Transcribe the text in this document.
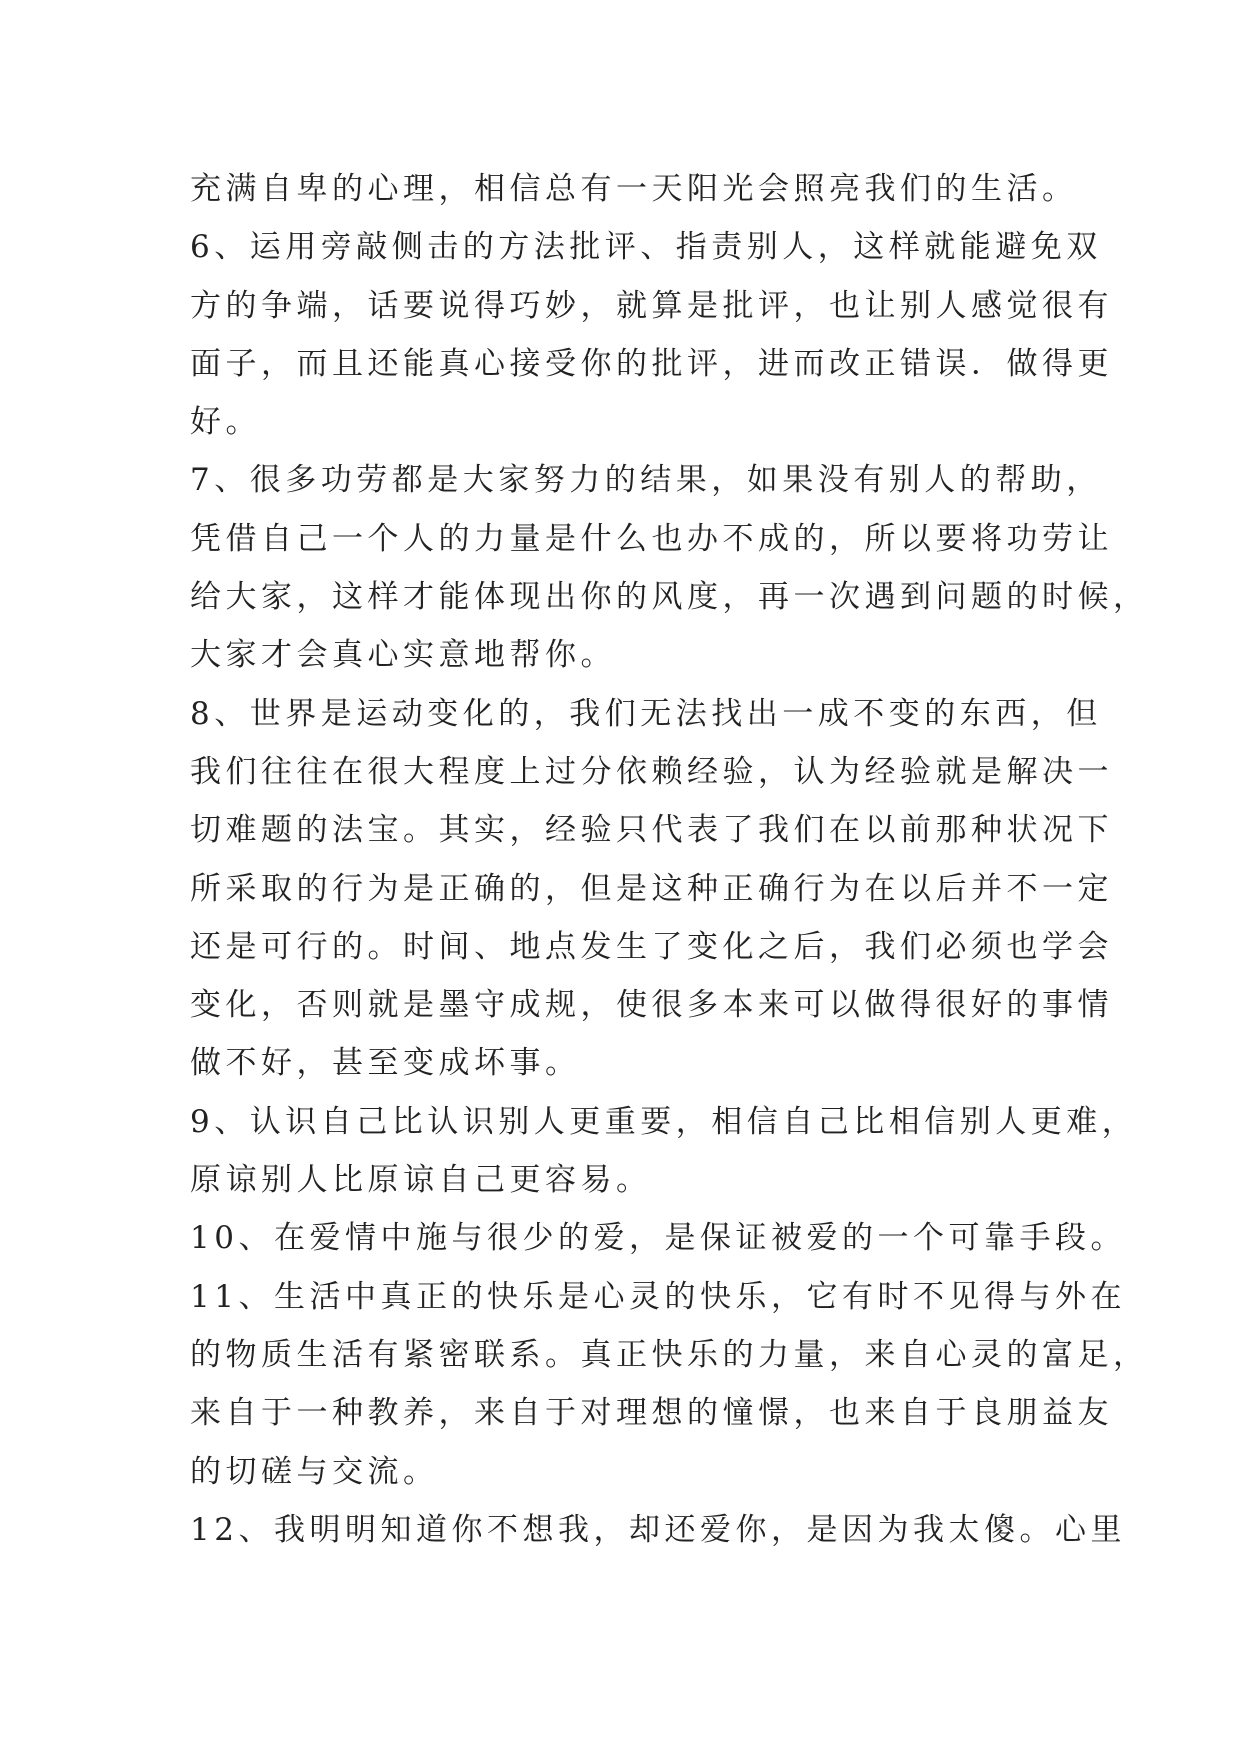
充满自卑的心理，相信总有一天阳光会照亮我们的生活。
6、运用旁敲侧击的方法批评、指责别人，这样就能避免双
方的争端，话要说得巧妙，就算是批评，也让别人感觉很有
面子，而且还能真心接受你的批评，进而改正错误．做得更
好。
7、很多功劳都是大家努力的结果，如果没有别人的帮助，
凭借自己一个人的力量是什么也办不成的，所以要将功劳让
给大家，这样才能体现出你的风度，再一次遇到问题的时候，
大家才会真心实意地帮你。
8、世界是运动变化的，我们无法找出一成不变的东西，但
我们往往在很大程度上过分依赖经验，认为经验就是解决一
切难题的法宝。其实，经验只代表了我们在以前那种状况下
所采取的行为是正确的，但是这种正确行为在以后并不一定
还是可行的。时间、地点发生了变化之后，我们必须也学会
变化，否则就是墨守成规，使很多本来可以做得很好的事情
做不好，甚至变成坏事。
9、认识自己比认识别人更重要，相信自己比相信别人更难，
原谅别人比原谅自己更容易。
10、在爱情中施与很少的爱，是保证被爱的一个可靠手段。
11、生活中真正的快乐是心灵的快乐，它有时不见得与外在
的物质生活有紧密联系。真正快乐的力量，来自心灵的富足，
来自于一种教养，来自于对理想的憧憬，也来自于良朋益友
的切磋与交流。
12、我明明知道你不想我，却还爱你，是因为我太傻。心里
